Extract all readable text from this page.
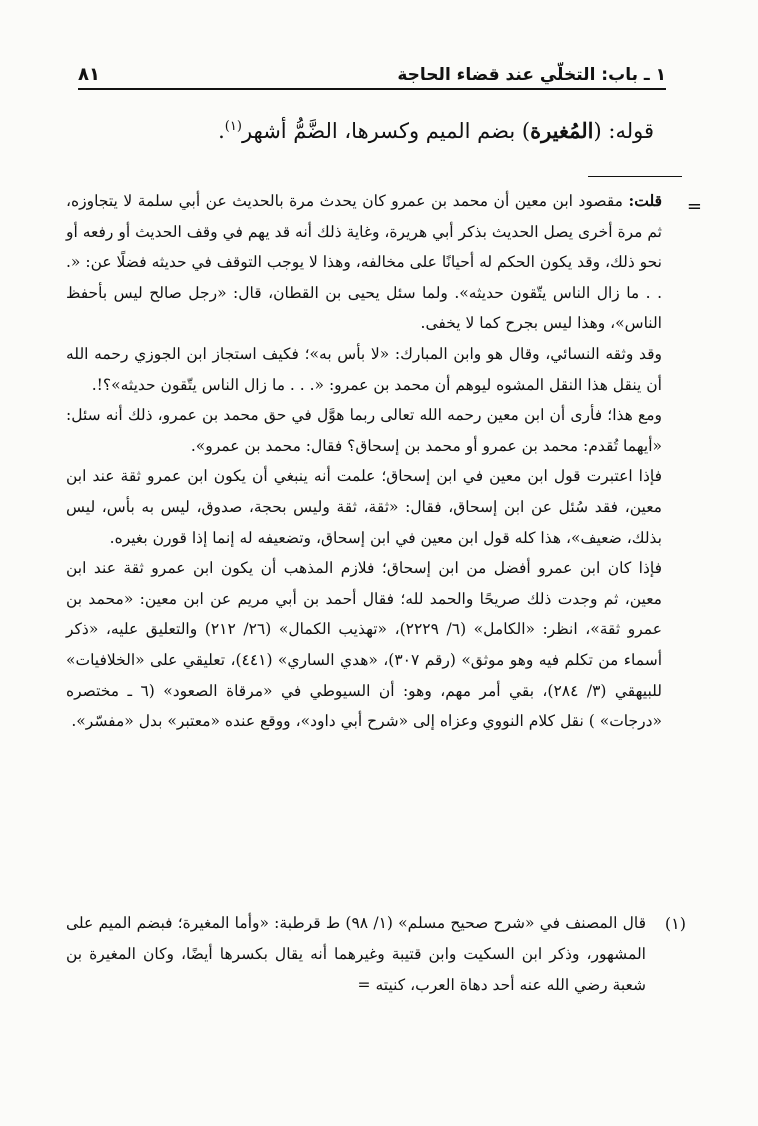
١ ـ باب: التخلّي عند قضاء الحاجة
٨١
قوله: (المُغيرة) بضم الميم وكسرها، الضَّمُّ أشهر$^{(١)}$.
=

قلت: مقصود ابن معين أن محمد بن عمرو كان يحدث مرة بالحديث عن أبي سلمة لا يتجاوزه، ثم مرة أخرى يصل الحديث بذكر أبي هريرة، وغاية ذلك أنه قد يهم في وقف الحديث أو رفعه أو نحو ذلك، وقد يكون الحكم له أحيانًا على مخالفه، وهذا لا يوجب التوقف في حديثه فضلًا عن: «. . . ما زال الناس يتّقون حديثه». ولما سئل يحيى بن القطان، قال: «رجل صالح ليس بأحفظ الناس»، وهذا ليس بجرح كما لا يخفى.

وقد وثقه النسائي، وقال هو وابن المبارك: «لا بأس به»؛ فكيف استجاز ابن الجوزي رحمه الله أن ينقل هذا النقل المشوه ليوهم أن محمد بن عمرو: «. . . ما زال الناس يتّقون حديثه»؟!.

ومع هذا؛ فأرى أن ابن معين رحمه الله تعالى ربما هوَّل في حق محمد بن عمرو، ذلك أنه سئل: «أيهما تُقدم: محمد بن عمرو أو محمد بن إسحاق؟ فقال: محمد بن عمرو».

فإذا اعتبرت قول ابن معين في ابن إسحاق؛ علمت أنه ينبغي أن يكون ابن عمرو ثقة عند ابن معين، فقد سُئل عن ابن إسحاق، فقال: «ثقة، ثقة وليس بحجة، صدوق، ليس به بأس، ليس بذلك، ضعيف»، هذا كله قول ابن معين في ابن إسحاق، وتضعيفه له إنما إذا قورن بغيره.

فإذا كان ابن عمرو أفضل من ابن إسحاق؛ فلازم المذهب أن يكون ابن عمرو ثقة عند ابن معين، ثم وجدت ذلك صريحًا والحمد لله؛ فقال أحمد بن أبي مريم عن ابن معين: «محمد بن عمرو ثقة»، انظر: «الكامل» (٦/ ٢٢٢٩)، «تهذيب الكمال» (٢٦/ ٢١٢) والتعليق عليه، «ذكر أسماء من تكلم فيه وهو موثق» (رقم ٣٠٧)، «هدي الساري» (٤٤١)، تعليقي على «الخلافيات» للبيهقي (٣/ ٢٨٤)، بقي أمر مهم، وهو: أن السيوطي في «مرقاة الصعود» (٦ ـ مختصره «درجات» ) نقل كلام النووي وعزاه إلى «شرح أبي داود»، ووقع عنده «معتبر» بدل «مفسّر».

(١)

قال المصنف في «شرح صحيح مسلم» (١/ ٩٨) ط قرطبة: «وأما المغيرة؛ فبضم الميم على المشهور، وذكر ابن السكيت وابن قتيبة وغيرهما أنه يقال بكسرها أيضًا، وكان المغيرة بن شعبة رضي الله عنه أحد دهاة العرب، كنيته =
